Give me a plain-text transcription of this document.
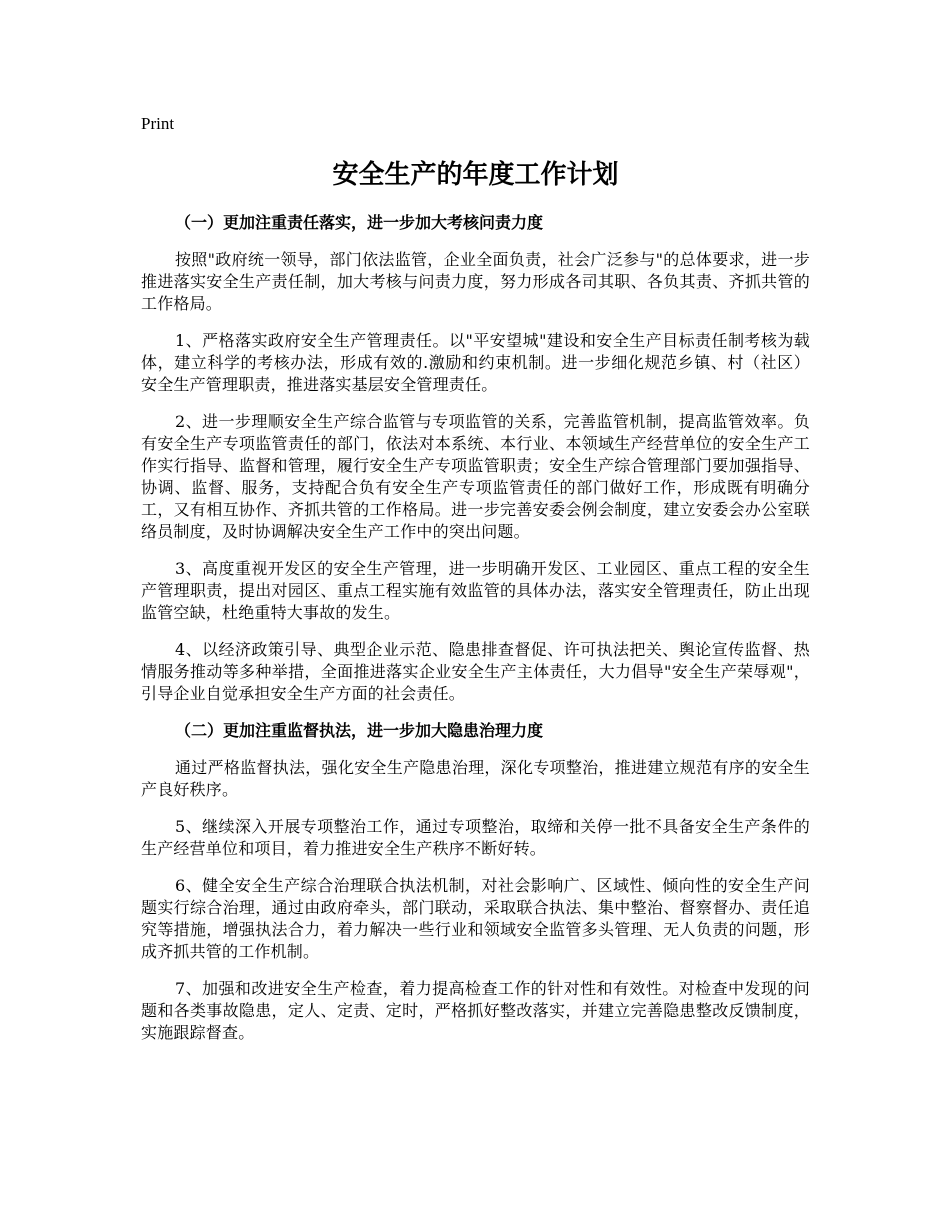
Print
安全生产的年度工作计划

（一）更加注重责任落实，进一步加大考核问责力度

按照"政府统一领导，部门依法监管，企业全面负责，社会广泛参与"的总体要求，进一步推进落实安全生产责任制，加大考核与问责力度，努力形成各司其职、各负其责、齐抓共管的工作格局。

1、严格落实政府安全生产管理责任。以"平安望城"建设和安全生产目标责任制考核为载体，建立科学的考核办法，形成有效的.激励和约束机制。进一步细化规范乡镇、村（社区）安全生产管理职责，推进落实基层安全管理责任。

2、进一步理顺安全生产综合监管与专项监管的关系，完善监管机制，提高监管效率。负有安全生产专项监管责任的部门，依法对本系统、本行业、本领域生产经营单位的安全生产工作实行指导、监督和管理，履行安全生产专项监管职责；安全生产综合管理部门要加强指导、协调、监督、服务，支持配合负有安全生产专项监管责任的部门做好工作，形成既有明确分工，又有相互协作、齐抓共管的工作格局。进一步完善安委会例会制度，建立安委会办公室联络员制度，及时协调解决安全生产工作中的突出问题。

3、高度重视开发区的安全生产管理，进一步明确开发区、工业园区、重点工程的安全生产管理职责，提出对园区、重点工程实施有效监管的具体办法，落实安全管理责任，防止出现监管空缺，杜绝重特大事故的发生。

4、以经济政策引导、典型企业示范、隐患排查督促、许可执法把关、舆论宣传监督、热情服务推动等多种举措，全面推进落实企业安全生产主体责任，大力倡导"安全生产荣辱观"，引导企业自觉承担安全生产方面的社会责任。

（二）更加注重监督执法，进一步加大隐患治理力度

通过严格监督执法，强化安全生产隐患治理，深化专项整治，推进建立规范有序的安全生产良好秩序。

5、继续深入开展专项整治工作，通过专项整治，取缔和关停一批不具备安全生产条件的生产经营单位和项目，着力推进安全生产秩序不断好转。

6、健全安全生产综合治理联合执法机制，对社会影响广、区域性、倾向性的安全生产问题实行综合治理，通过由政府牵头，部门联动，采取联合执法、集中整治、督察督办、责任追究等措施，增强执法合力，着力解决一些行业和领域安全监管多头管理、无人负责的问题，形成齐抓共管的工作机制。

7、加强和改进安全生产检查，着力提高检查工作的针对性和有效性。对检查中发现的问题和各类事故隐患，定人、定责、定时，严格抓好整改落实，并建立完善隐患整改反馈制度，实施跟踪督查。
